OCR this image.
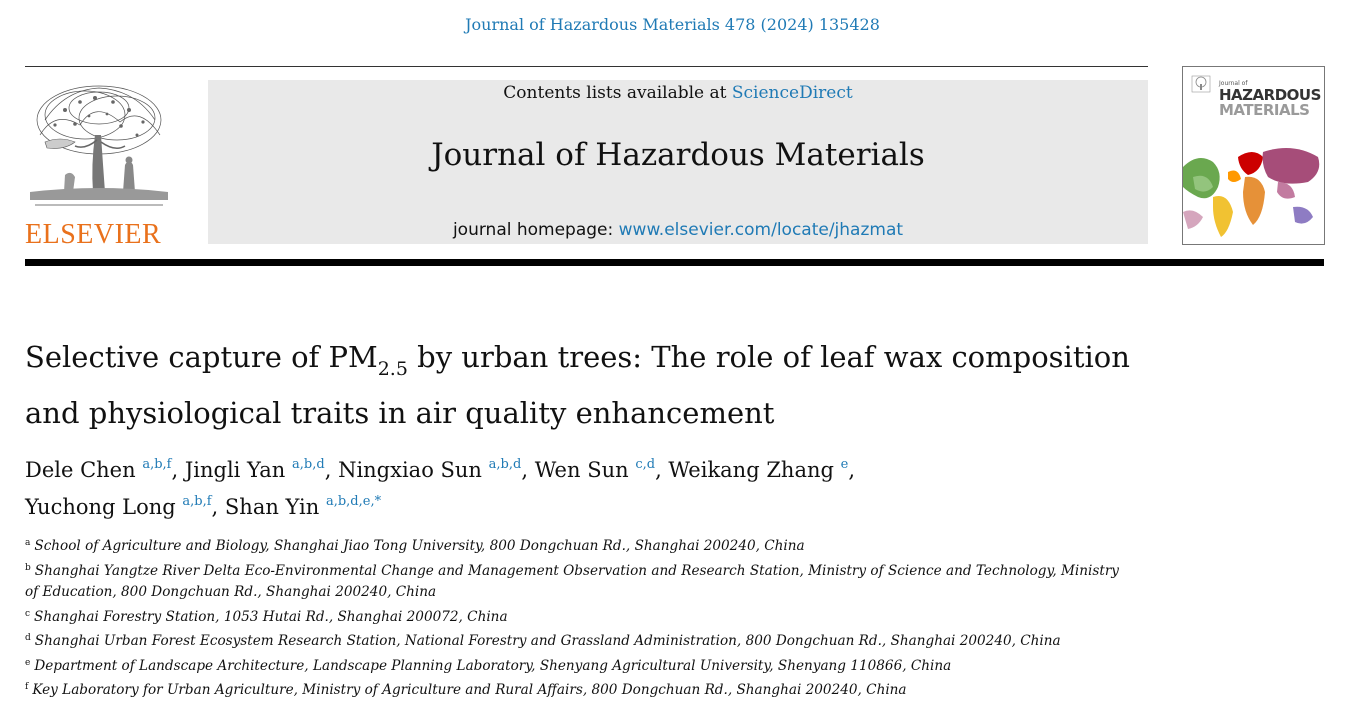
Journal of Hazardous Materials 478 (2024) 135428
ELSEVIER
Contents lists available at ScienceDirect
Journal of Hazardous Materials
journal homepage: www.elsevier.com/locate/jhazmat
Journal of
HAZARDOUS
MATERIALS
Selective capture of $PM_{2.5}$ by urban trees: The role of leaf wax composition and physiological traits in air quality enhancement
Dele Chen $^{a,b,f}$, Jingli Yan $^{a,b,d}$, Ningxiao Sun $^{a,b,d}$, Wen Sun $^{c,d}$, Weikang Zhang $^e$,
Yuchong Long $^{a,b,f}$, Shan Yin $^{a,b,d,e,*}$
$^a$ School of Agriculture and Biology, Shanghai Jiao Tong University, 800 Dongchuan Rd., Shanghai 200240, China
$^b$ Shanghai Yangtze River Delta Eco-Environmental Change and Management Observation and Research Station, Ministry of Science and Technology, Ministry of Education, 800 Dongchuan Rd., Shanghai 200240, China
$^c$ Shanghai Forestry Station, 1053 Hutai Rd., Shanghai 200072, China
$^d$ Shanghai Urban Forest Ecosystem Research Station, National Forestry and Grassland Administration, 800 Dongchuan Rd., Shanghai 200240, China
$^e$ Department of Landscape Architecture, Landscape Planning Laboratory, Shenyang Agricultural University, Shenyang 110866, China
$^f$ Key Laboratory for Urban Agriculture, Ministry of Agriculture and Rural Affairs, 800 Dongchuan Rd., Shanghai 200240, China
